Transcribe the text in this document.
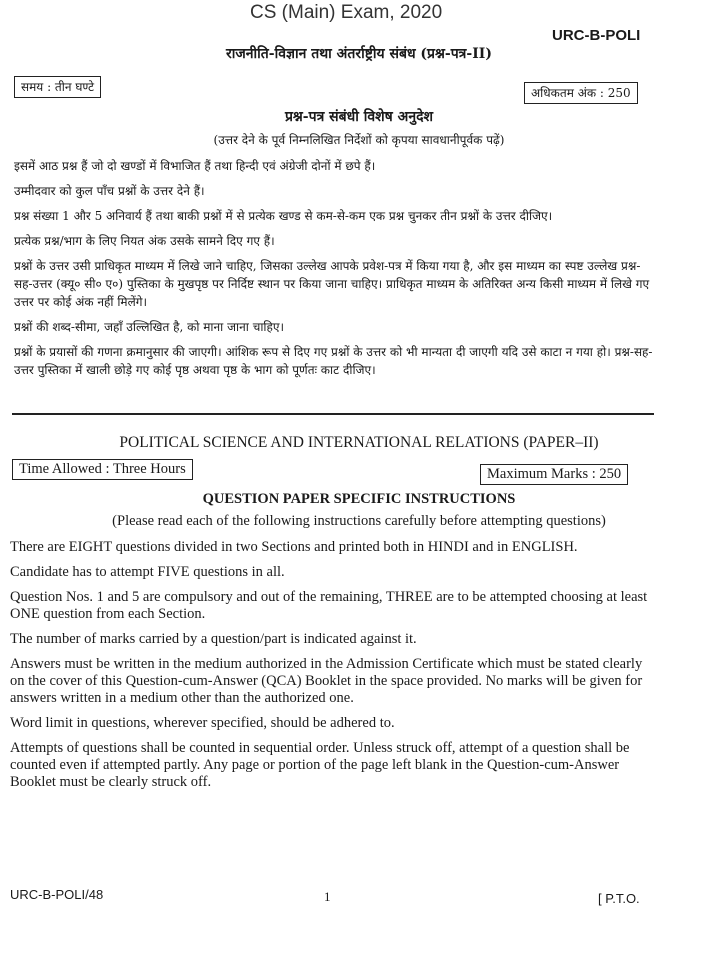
CS (Main) Exam, 2020
URC-B-POLI
राजनीति-विज्ञान तथा अंतर्राष्ट्रीय संबंध (प्रश्न-पत्र-II)
समय : तीन घण्टे	अधिकतम अंक : 250
प्रश्न-पत्र संबंधी विशेष अनुदेश
(उत्तर देने के पूर्व निम्नलिखित निर्देशों को कृपया सावधानीपूर्वक पढ़ें)

इसमें आठ प्रश्न हैं जो दो खण्डों में विभाजित हैं तथा हिन्दी एवं अंग्रेजी दोनों में छपे हैं।

उम्मीदवार को कुल पाँच प्रश्नों के उत्तर देने हैं।

प्रश्न संख्या 1 और 5 अनिवार्य हैं तथा बाकी प्रश्नों में से प्रत्येक खण्ड से कम-से-कम एक प्रश्न चुनकर तीन प्रश्नों के उत्तर दीजिए।

प्रत्येक प्रश्न/भाग के लिए नियत अंक उसके सामने दिए गए हैं।

प्रश्नों के उत्तर उसी प्राधिकृत माध्यम में लिखे जाने चाहिए, जिसका उल्लेख आपके प्रवेश-पत्र में किया गया है, और इस माध्यम का स्पष्ट उल्लेख प्रश्न-सह-उत्तर (क्यू० सी० ए०) पुस्तिका के मुखपृष्ठ पर निर्दिष्ट स्थान पर किया जाना चाहिए। प्राधिकृत माध्यम के अतिरिक्त अन्य किसी माध्यम में लिखे गए उत्तर पर कोई अंक नहीं मिलेंगे।

प्रश्नों की शब्द-सीमा, जहाँ उल्लिखित है, को माना जाना चाहिए।

प्रश्नों के प्रयासों की गणना क्रमानुसार की जाएगी। आंशिक रूप से दिए गए प्रश्नों के उत्तर को भी मान्यता दी जाएगी यदि उसे काटा न गया हो। प्रश्न-सह-उत्तर पुस्तिका में खाली छोड़े गए कोई पृष्ठ अथवा पृष्ठ के भाग को पूर्णतः काट दीजिए।

POLITICAL SCIENCE AND INTERNATIONAL RELATIONS (PAPER–II)
Time Allowed : Three Hours	Maximum Marks : 250
QUESTION PAPER SPECIFIC INSTRUCTIONS
(Please read each of the following instructions carefully before attempting questions)

There are EIGHT questions divided in two Sections and printed both in HINDI and in ENGLISH.

Candidate has to attempt FIVE questions in all.

Question Nos. 1 and 5 are compulsory and out of the remaining, THREE are to be attempted choosing at least ONE question from each Section.

The number of marks carried by a question/part is indicated against it.

Answers must be written in the medium authorized in the Admission Certificate which must be stated clearly on the cover of this Question-cum-Answer (QCA) Booklet in the space provided. No marks will be given for answers written in a medium other than the authorized one.

Word limit in questions, wherever specified, should be adhered to.

Attempts of questions shall be counted in sequential order. Unless struck off, attempt of a question shall be counted even if attempted partly. Any page or portion of the page left blank in the Question-cum-Answer Booklet must be clearly struck off.

URC-B-POLI/48	1	[ P.T.O.
